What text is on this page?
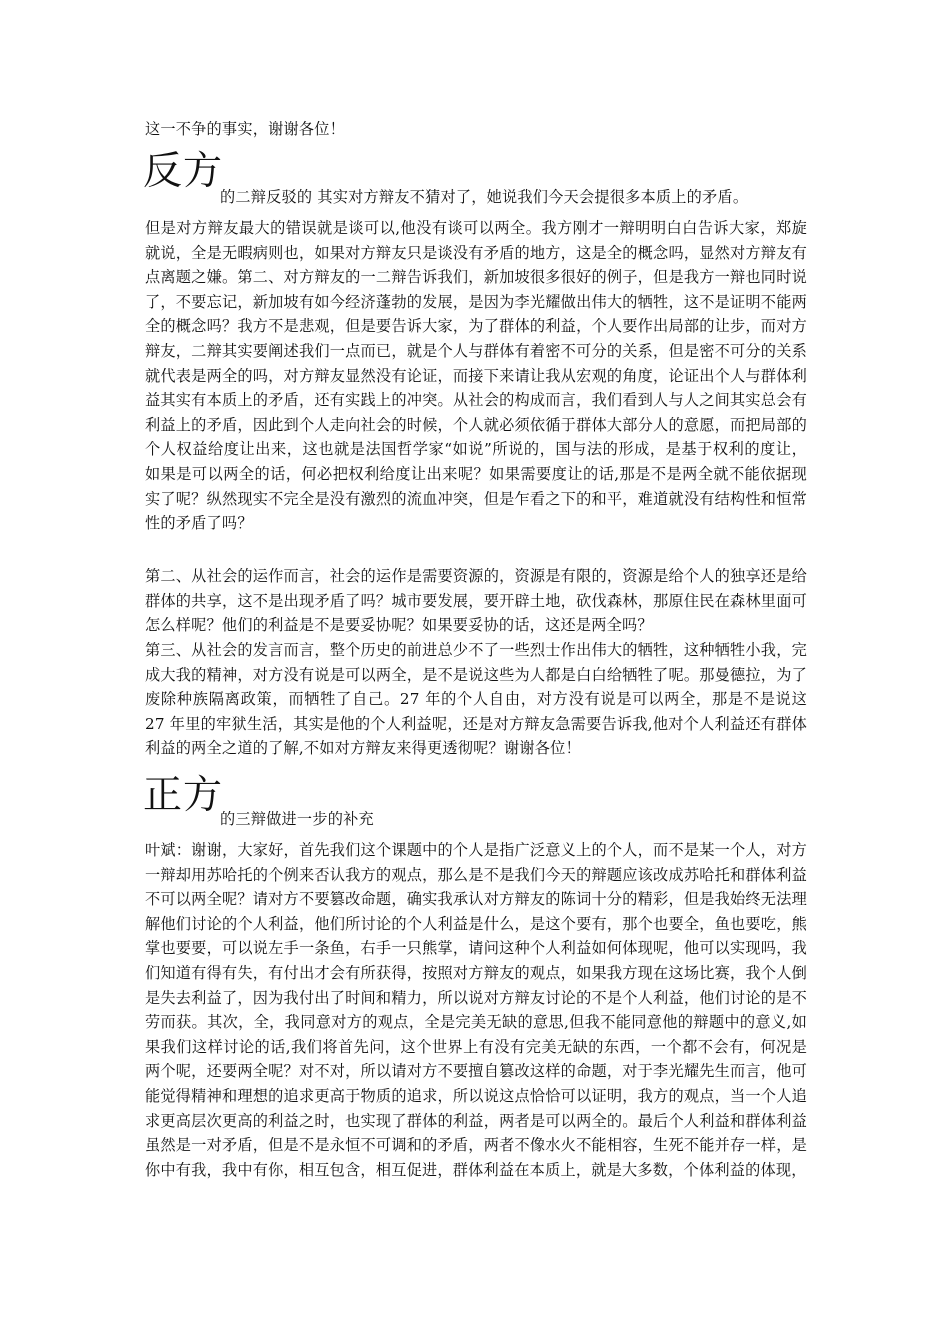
这一不争的事实，谢谢各位！

反方
的二辩反驳的 其实对方辩友不猜对了，她说我们今天会提很多本质上的矛盾。

但是对方辩友最大的错误就是谈可以,他没有谈可以两全。我方刚才一辩明明白白告诉大家，郑旋就说，全是无暇病则也，如果对方辩友只是谈没有矛盾的地方，这是全的概念吗，显然对方辩友有点离题之嫌。第二、对方辩友的一二辩告诉我们，新加坡很多很好的例子，但是我方一辩也同时说了，不要忘记，新加坡有如今经济蓬勃的发展，是因为李光耀做出伟大的牺牲，这不是证明不能两全的概念吗？我方不是悲观，但是要告诉大家，为了群体的利益，个人要作出局部的让步，而对方辩友，二辩其实要阐述我们一点而已，就是个人与群体有着密不可分的关系，但是密不可分的关系就代表是两全的吗，对方辩友显然没有论证，而接下来请让我从宏观的角度，论证出个人与群体利益其实有本质上的矛盾，还有实践上的冲突。从社会的构成而言，我们看到人与人之间其实总会有利益上的矛盾，因此到个人走向社会的时候，个人就必须依循于群体大部分人的意愿，而把局部的个人权益给度让出来，这也就是法国哲学家“如说”所说的，国与法的形成，是基于权利的度让，如果是可以两全的话，何必把权利给度让出来呢？如果需要度让的话,那是不是两全就不能依据现实了呢？纵然现实不完全是没有激烈的流血冲突，但是乍看之下的和平，难道就没有结构性和恒常性的矛盾了吗？

第二、从社会的运作而言，社会的运作是需要资源的，资源是有限的，资源是给个人的独享还是给群体的共享，这不是出现矛盾了吗？城市要发展，要开辟土地，砍伐森林，那原住民在森林里面可怎么样呢？他们的利益是不是要妥协呢？如果要妥协的话，这还是两全吗？

第三、从社会的发言而言，整个历史的前进总少不了一些烈士作出伟大的牺牲，这种牺牲小我，完成大我的精神，对方没有说是可以两全，是不是说这些为人都是白白给牺牲了呢。那曼德拉，为了废除种族隔离政策，而牺牲了自己。27 年的个人自由，对方没有说是可以两全，那是不是说这 27 年里的牢狱生活，其实是他的个人利益呢，还是对方辩友急需要告诉我,他对个人利益还有群体利益的两全之道的了解,不如对方辩友来得更透彻呢？谢谢各位！

正方
的三辩做进一步的补充

叶斌：谢谢，大家好，首先我们这个课题中的个人是指广泛意义上的个人，而不是某一个人，对方一辩却用苏哈托的个例来否认我方的观点，那么是不是我们今天的辩题应该改成苏哈托和群体利益不可以两全呢？请对方不要篡改命题，确实我承认对方辩友的陈词十分的精彩，但是我始终无法理解他们讨论的个人利益，他们所讨论的个人利益是什么，是这个要有，那个也要全，鱼也要吃，熊掌也要要，可以说左手一条鱼，右手一只熊掌，请问这种个人利益如何体现呢，他可以实现吗，我们知道有得有失，有付出才会有所获得，按照对方辩友的观点，如果我方现在这场比赛，我个人倒是失去利益了，因为我付出了时间和精力，所以说对方辩友讨论的不是个人利益，他们讨论的是不劳而获。其次，全，我同意对方的观点，全是完美无缺的意思,但我不能同意他的辩题中的意义,如果我们这样讨论的话,我们将首先问，这个世界上有没有完美无缺的东西，一个都不会有，何况是两个呢，还要两全呢？对不对，所以请对方不要擅自篡改这样的命题，对于李光耀先生而言，他可能觉得精神和理想的追求更高于物质的追求，所以说这点恰恰可以证明，我方的观点，当一个人追求更高层次更高的利益之时，也实现了群体的利益，两者是可以两全的。最后个人利益和群体利益虽然是一对矛盾，但是不是永恒不可调和的矛盾，两者不像水火不能相容，生死不能并存一样，是你中有我，我中有你，相互包含，相互促进，群体利益在本质上，就是大多数，个体利益的体现，
